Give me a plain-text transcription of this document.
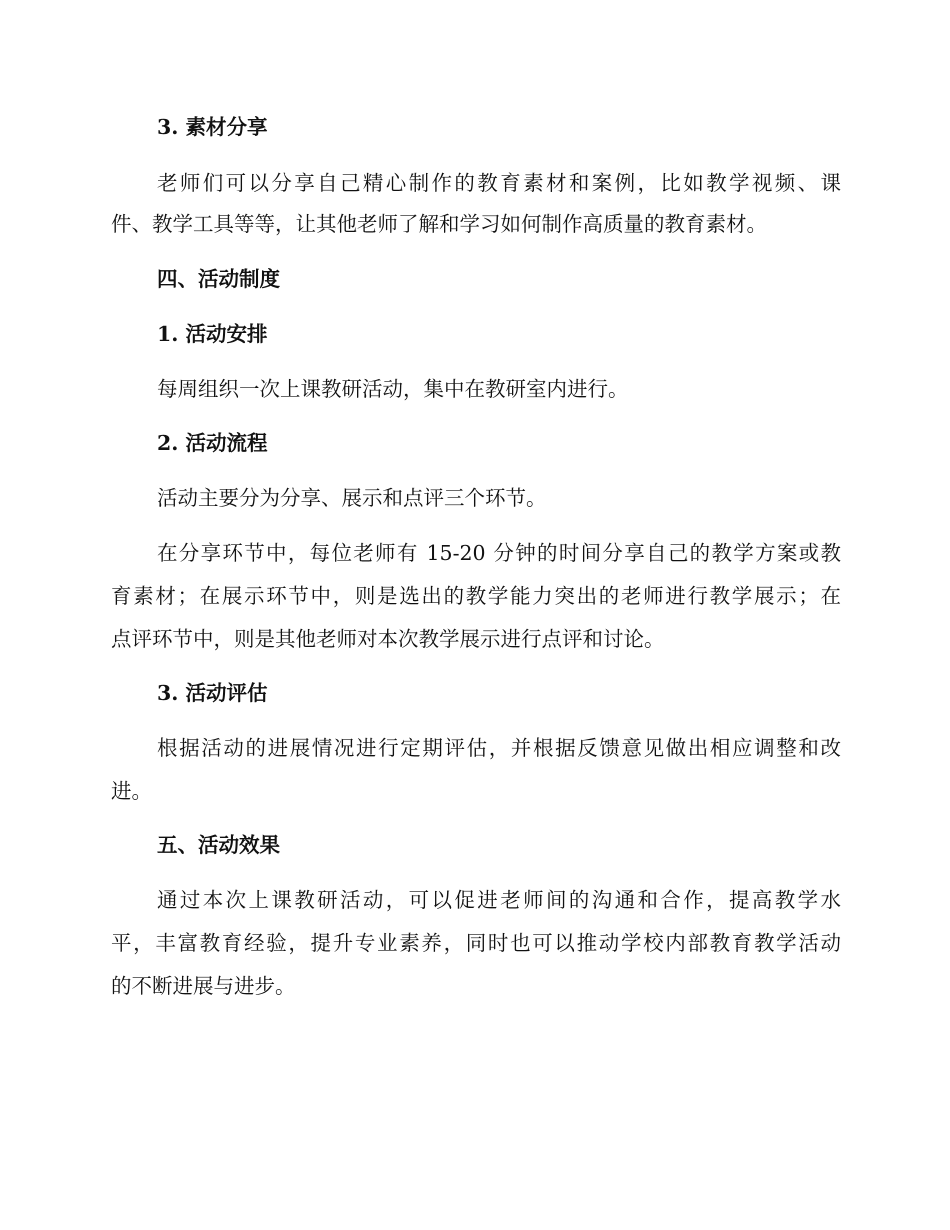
3. 素材分享
老师们可以分享自己精心制作的教育素材和案例，比如教学视频、课
件、教学工具等等，让其他老师了解和学习如何制作高质量的教育素材。
四、活动制度
1. 活动安排
每周组织一次上课教研活动，集中在教研室内进行。
2. 活动流程
活动主要分为分享、展示和点评三个环节。
在分享环节中，每位老师有 15-20 分钟的时间分享自己的教学方案或教
育素材；在展示环节中，则是选出的教学能力突出的老师进行教学展示；在
点评环节中，则是其他老师对本次教学展示进行点评和讨论。
3. 活动评估
根据活动的进展情况进行定期评估，并根据反馈意见做出相应调整和改
进。
五、活动效果
通过本次上课教研活动，可以促进老师间的沟通和合作，提高教学水
平，丰富教育经验，提升专业素养，同时也可以推动学校内部教育教学活动
的不断进展与进步。
